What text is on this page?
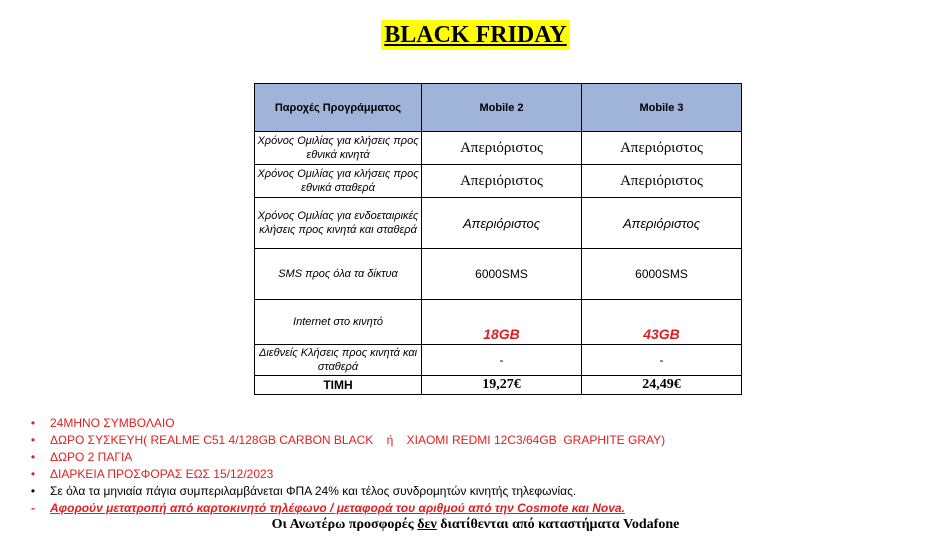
BLACK FRIDAY
Παροχές Προγράμματος	Mobile 2	Mobile 3
Χρόνος Ομιλίας για κλήσεις προς εθνικά κινητά	Απεριόριστος	Απεριόριστος
Χρόνος Ομιλίας για κλήσεις προς εθνικά σταθερά	Απεριόριστος	Απεριόριστος
Χρόνος Ομιλίας για ενδοεταιρικές κλήσεις προς κινητά και σταθερά	Απεριόριστος	Απεριόριστος
SMS προς όλα τα δίκτυα	6000SMS	6000SMS
Internet στο κινητό	18GB	43GB
Διεθνείς Κλήσεις προς κινητά και σταθερά	-	-
ΤΙΜΗ	19,27€	24,49€
• 24ΜΗΝΟ ΣΥΜΒΟΛΑΙΟ
• ΔΩΡΟ ΣΥΣΚΕΥΗ( REALME C51 4/128GB CARBON BLACK    ή    XIAOMI REDMI 12C3/64GB  GRAPHITE GRAY)
• ΔΩΡΟ 2 ΠΑΓΙΑ
• ΔΙΑΡΚΕΙΑ ΠΡΟΣΦΟΡΑΣ ΕΩΣ 15/12/2023
• Σε όλα τα μηνιαία πάγια συμπεριλαμβάνεται ΦΠΑ 24% και τέλος συνδρομητών κινητής τηλεφωνίας.
- Αφορούν μετατροπή από καρτοκινητό τηλέφωνο / μεταφορά του αριθμού από την Cosmote και Nova.
Οι Ανωτέρω προσφορές δεν διατίθενται από καταστήματα Vodafone
